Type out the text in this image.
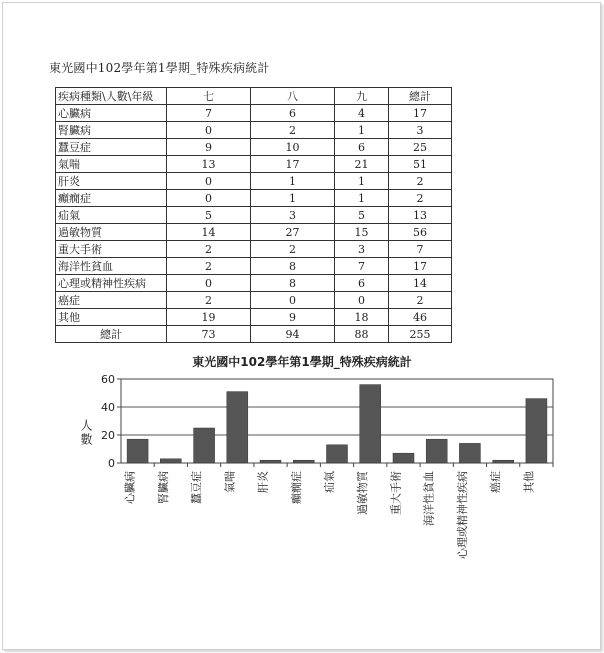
東光國中102學年第1學期_特殊疾病統計
疾病種類\人數\年級	七	八	九	總計
心臟病	7	6	4	17
腎臟病	0	2	1	3
蠶豆症	9	10	6	25
氣喘	13	17	21	51
肝炎	0	1	1	2
癲癇症	0	1	1	2
疝氣	5	3	5	13
過敏物質	14	27	15	56
重大手術	2	2	3	7
海洋性貧血	2	8	7	17
心理或精神性疾病	0	8	6	14
癌症	2	0	0	2
其他	19	9	18	46
總計	73	94	88	255
東光國中102學年第1學期_特殊疾病統計
0
20
40
60
人數
心臟病 腎臟病 蠶豆症 氣喘 肝炎 癲癇症 疝氣 過敏物質 重大手術 海洋性貧血 心理或精神性疾病 癌症 其他
